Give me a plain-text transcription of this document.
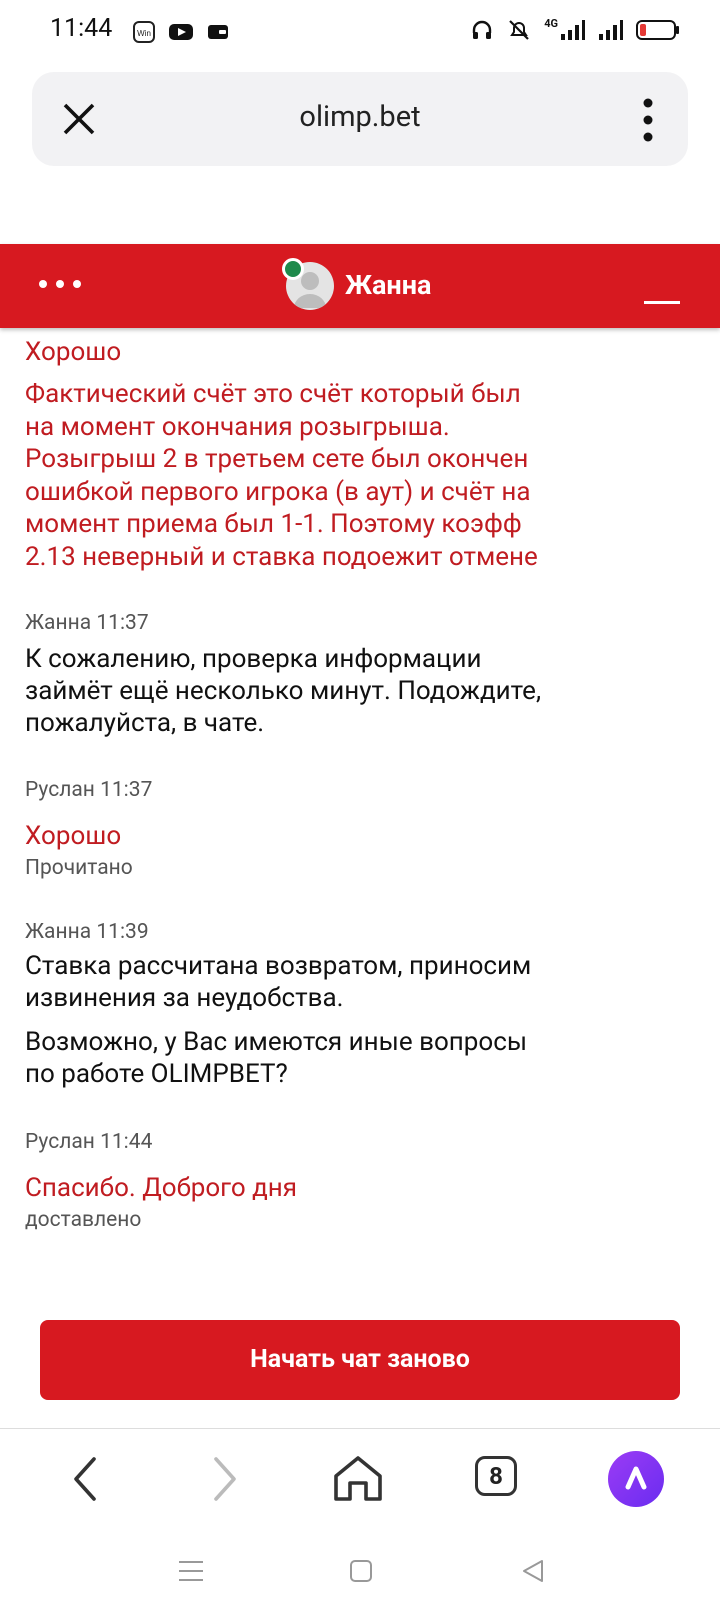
11:44	Win
4G
olimp.bet
Жанна
Хорошо
Фактический счёт это счёт который был
на момент окончания розыгрыша.
Розыгрыш 2 в третьем сете был окончен
ошибкой первого игрока (в аут) и счёт на
момент приема был 1-1. Поэтому коэфф
2.13 неверный и ставка подоежит отмене
Жанна 11:37
К сожалению, проверка информации
займёт ещё несколько минут. Подождите,
пожалуйста, в чате.
Руслан 11:37
Хорошо
Прочитано
Жанна 11:39
Ставка рассчитана возвратом, приносим
извинения за неудобства.
Возможно, у Вас имеются иные вопросы
по работе OLIMPBET?
Руслан 11:44
Спасибо. Доброго дня
доставлено
Начать чат заново
8
